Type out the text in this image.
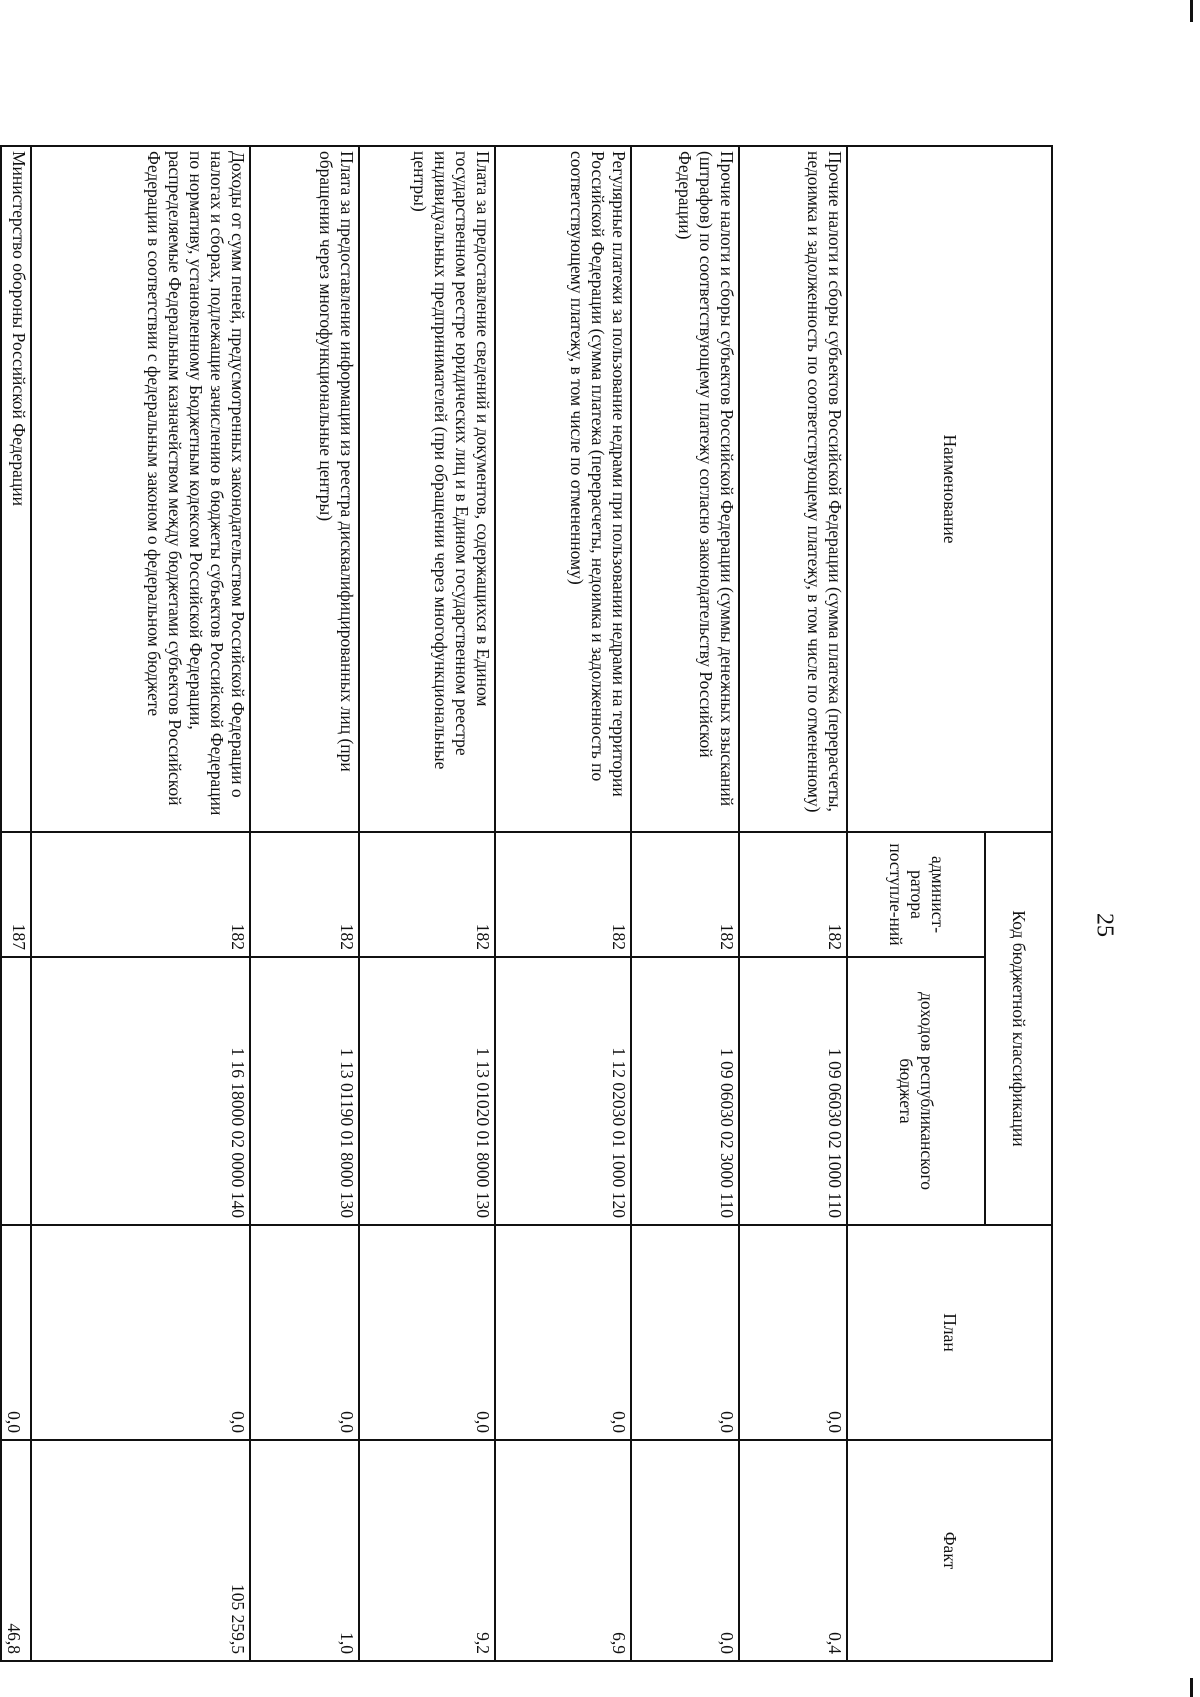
25
Наименование	Код бюджетной классификации		План	Факт
	админист-ратора поступле-ний	доходов республиканского бюджета		
Прочие налоги и сборы субъектов Российской Федерации (сумма платежа (перерасчеты, недоимка и задолженность по соответствующему платежу, в том числе по отмененному)	182	1 09 06030 02 1000 110	0,0	0,4
Прочие налоги и сборы субъектов Российской Федерации (суммы денежных взысканий (штрафов) по соответствующему платежу согласно законодательству Российской Федерации)	182	1 09 06030 02 3000 110	0,0	0,0
Регулярные платежи за пользование недрами при пользовании недрами на территории Российской Федерации (сумма платежа (перерасчеты, недоимка и задолженность по соответствующему платежу, в том числе по отмененному)	182	1 12 02030 01 1000 120	0,0	6,9
Плата за предоставление сведений и документов, содержащихся в Едином государственном реестре юридических лиц и в Едином государственном реестре индивидуальных предпринимателей (при обращении через многофункциональные центры)	182	1 13 01020 01 8000 130	0,0	9,2
Плата за предоставление информации из реестра дисквалифицированных лиц (при обращении через многофункциональные центры)	182	1 13 01190 01 8000 130	0,0	1,0
Доходы от сумм пеней, предусмотренных законодательством Российской Федерации о налогах и сборах, подлежащие зачислению в бюджеты субъектов Российской Федерации по нормативу, установленному Бюджетным кодексом Российской Федерации, распределяемые Федеральным казначейством между бюджетами субъектов Российской Федерации в соответствии с федеральным законом о федеральном бюджете	182	1 16 18000 02 0000 140	0,0	105 259,5
Министерство обороны Российской Федерации	187		0,0	46,8
